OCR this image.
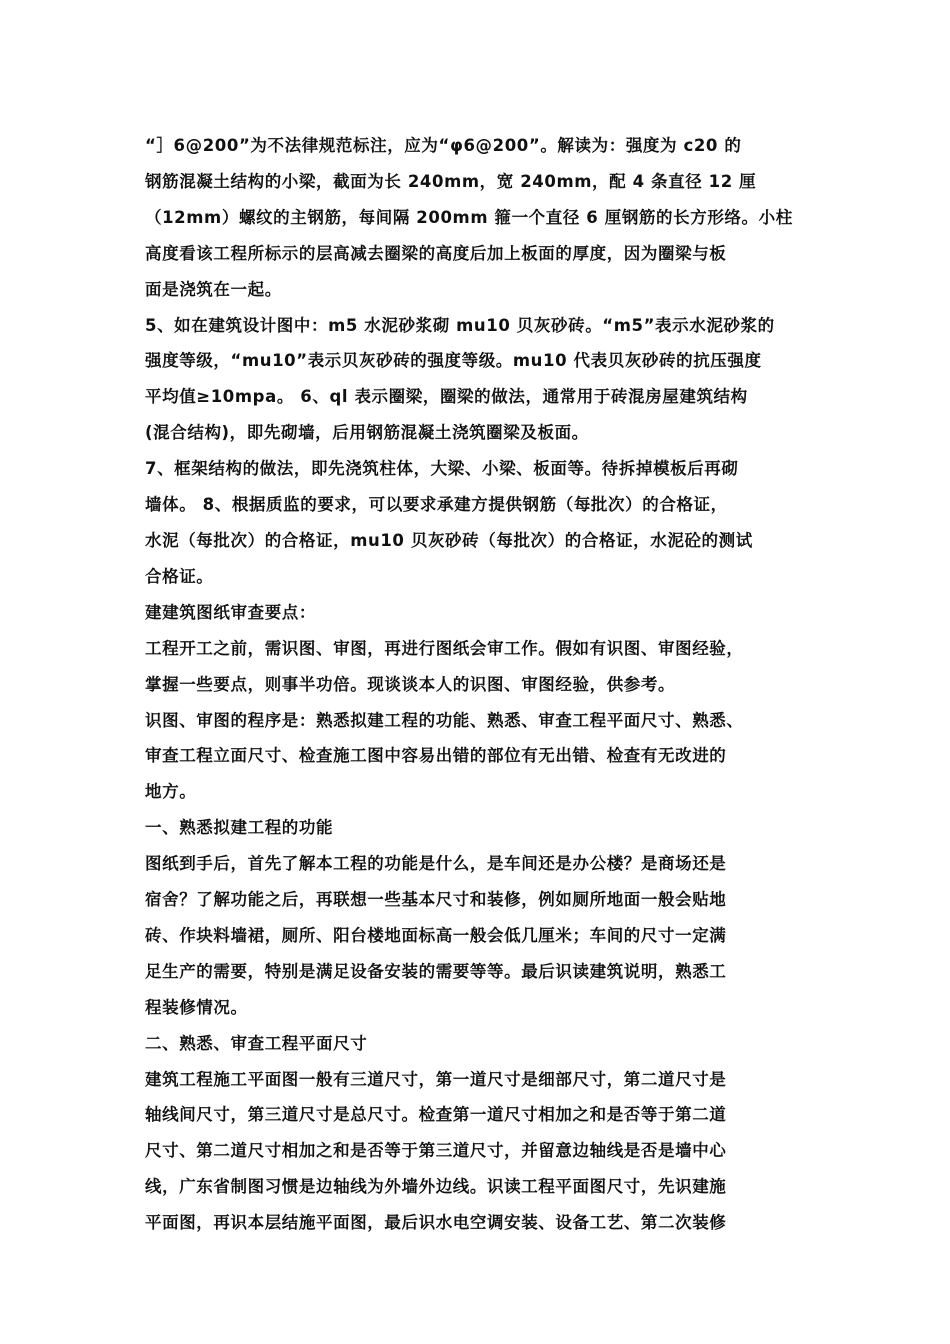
“］6@200”为不法律规范标注，应为“φ6@200”。解读为：强度为 c20 的
钢筋混凝土结构的小梁，截面为长 240mm，宽 240mm，配 4 条直径 12 厘
（12mm）螺纹的主钢筋，每间隔 200mm 箍一个直径 6 厘钢筋的长方形络。小柱
高度看该工程所标示的层高减去圈梁的高度后加上板面的厚度，因为圈梁与板
面是浇筑在一起。
5、如在建筑设计图中：m5 水泥砂浆砌 mu10 贝灰砂砖。“m5”表示水泥砂浆的
强度等级，“mu10”表示贝灰砂砖的强度等级。mu10 代表贝灰砂砖的抗压强度
平均值≥10mpa。 6、ql 表示圈梁，圈梁的做法，通常用于砖混房屋建筑结构
(混合结构)，即先砌墙，后用钢筋混凝土浇筑圈梁及板面。
7、框架结构的做法，即先浇筑柱体，大梁、小梁、板面等。待拆掉模板后再砌
墙体。 8、根据质监的要求，可以要求承建方提供钢筋（每批次）的合格证，
水泥（每批次）的合格证，mu10 贝灰砂砖（每批次）的合格证，水泥砼的测试
合格证。
建建筑图纸审查要点：
工程开工之前，需识图、审图，再进行图纸会审工作。假如有识图、审图经验，
掌握一些要点，则事半功倍。现谈谈本人的识图、审图经验，供参考。
识图、审图的程序是：熟悉拟建工程的功能、熟悉、审查工程平面尺寸、熟悉、
审查工程立面尺寸、检查施工图中容易出错的部位有无出错、检查有无改进的
地方。
一、熟悉拟建工程的功能
图纸到手后，首先了解本工程的功能是什么，是车间还是办公楼？是商场还是
宿舍？了解功能之后，再联想一些基本尺寸和装修，例如厕所地面一般会贴地
砖、作块料墙裙，厕所、阳台楼地面标高一般会低几厘米；车间的尺寸一定满
足生产的需要，特别是满足设备安装的需要等等。最后识读建筑说明，熟悉工
程装修情况。
二、熟悉、审查工程平面尺寸
建筑工程施工平面图一般有三道尺寸，第一道尺寸是细部尺寸，第二道尺寸是
轴线间尺寸，第三道尺寸是总尺寸。检查第一道尺寸相加之和是否等于第二道
尺寸、第二道尺寸相加之和是否等于第三道尺寸，并留意边轴线是否是墙中心
线，广东省制图习惯是边轴线为外墙外边线。识读工程平面图尺寸，先识建施
平面图，再识本层结施平面图，最后识水电空调安装、设备工艺、第二次装修
